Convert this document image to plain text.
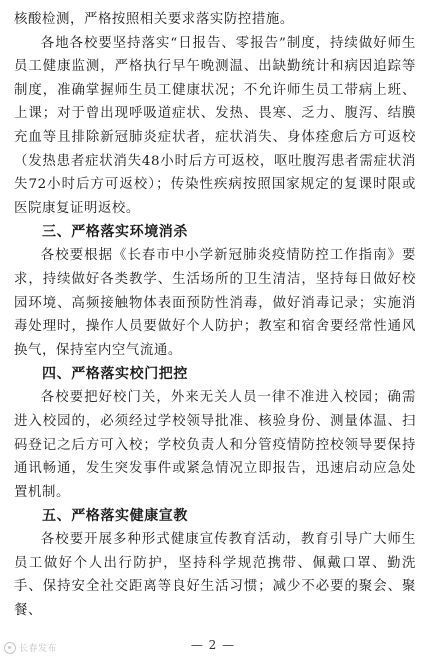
核酸检测，严格按照相关要求落实防控措施。

各地各校要坚持落实“日报告、零报告”制度，持续做好师生员工健康监测，严格执行早午晚测温、出缺勤统计和病因追踪等制度，准确掌握师生员工健康状况；不允许师生员工带病上班、上课；对于曾出现呼吸道症状、发热、畏寒、乏力、腹泻、结膜充血等且排除新冠肺炎症状者，症状消失、身体痊愈后方可返校（发热患者症状消失48小时后方可返校，呕吐腹泻患者需症状消失72小时后方可返校）；传染性疾病按照国家规定的复课时限或医院康复证明返校。

三、严格落实环境消杀

各校要根据《长春市中小学新冠肺炎疫情防控工作指南》要求，持续做好各类教学、生活场所的卫生清洁，坚持每日做好校园环境、高频接触物体表面预防性消毒，做好消毒记录；实施消毒处理时，操作人员要做好个人防护；教室和宿舍要经常性通风换气，保持室内空气流通。

四、严格落实校门把控

各校要把好校门关，外来无关人员一律不准进入校园；确需进入校园的，必须经过学校领导批准、核验身份、测量体温、扫码登记之后方可入校；学校负责人和分管疫情防控校领导要保持通讯畅通，发生突发事件或紧急情况立即报告，迅速启动应急处置机制。

五、严格落实健康宣教

各校要开展多种形式健康宣传教育活动，教育引导广大师生员工做好个人出行防护，坚持科学规范携带、佩戴口罩、勤洗手、保持安全社交距离等良好生活习惯；减少不必要的聚会、聚餐、

长春发布	— 2 —
